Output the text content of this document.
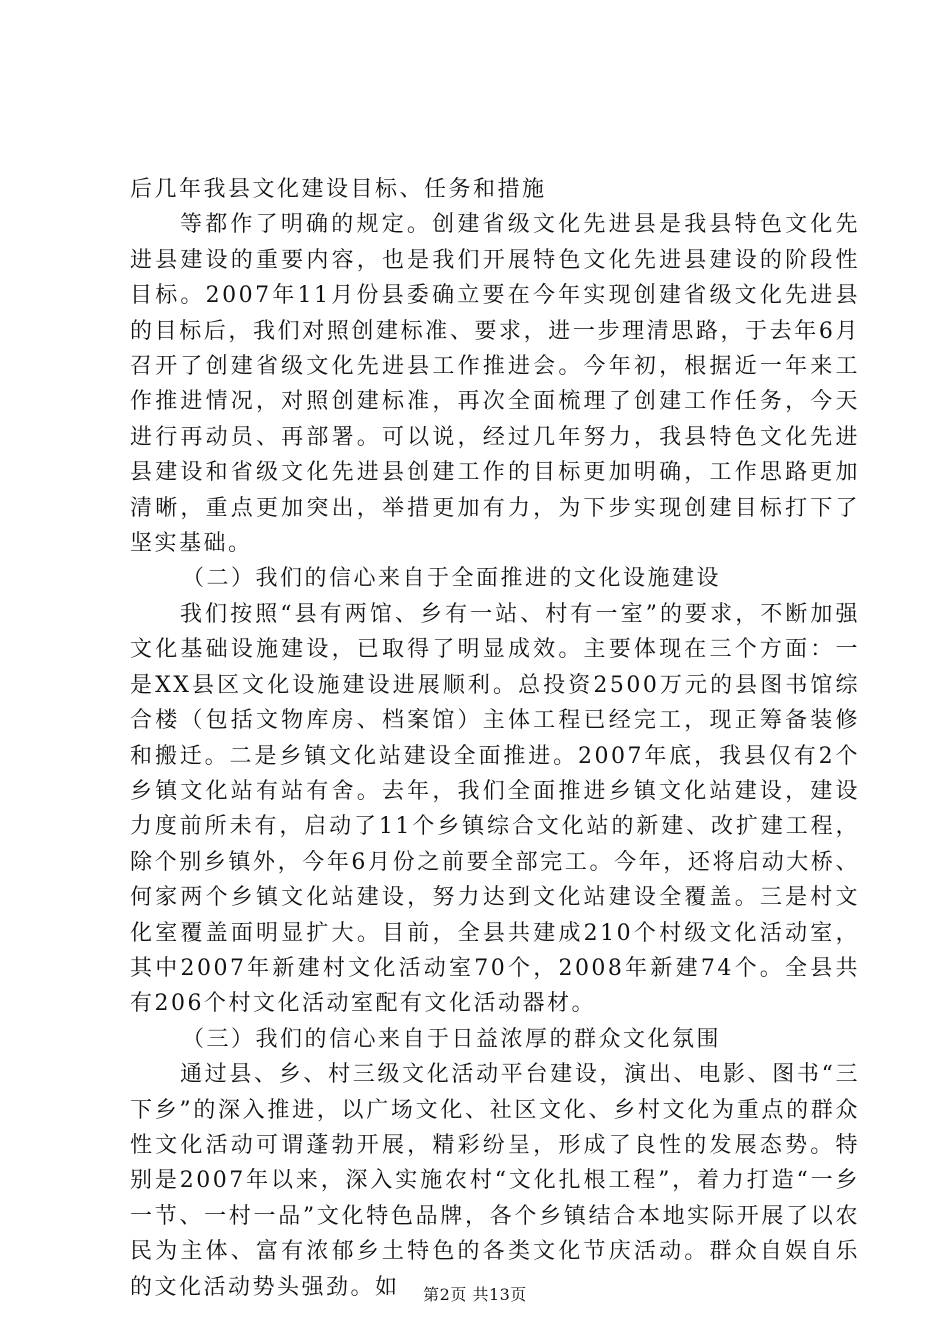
后几年我县文化建设目标、任务和措施

等都作了明确的规定。创建省级文化先进县是我县特色文化先进县建设的重要内容，也是我们开展特色文化先进县建设的阶段性目标。2007年11月份县委确立要在今年实现创建省级文化先进县的目标后，我们对照创建标准、要求，进一步理清思路，于去年6月召开了创建省级文化先进县工作推进会。今年初，根据近一年来工作推进情况，对照创建标准，再次全面梳理了创建工作任务，今天进行再动员、再部署。可以说，经过几年努力，我县特色文化先进县建设和省级文化先进县创建工作的目标更加明确，工作思路更加清晰，重点更加突出，举措更加有力，为下步实现创建目标打下了坚实基础。

（二）我们的信心来自于全面推进的文化设施建设

我们按照“县有两馆、乡有一站、村有一室”的要求，不断加强文化基础设施建设，已取得了明显成效。主要体现在三个方面：一是XX县区文化设施建设进展顺利。总投资2500万元的县图书馆综合楼（包括文物库房、档案馆）主体工程已经完工，现正筹备装修和搬迁。二是乡镇文化站建设全面推进。2007年底，我县仅有2个乡镇文化站有站有舍。去年，我们全面推进乡镇文化站建设，建设力度前所未有，启动了11个乡镇综合文化站的新建、改扩建工程，除个别乡镇外，今年6月份之前要全部完工。今年，还将启动大桥、何家两个乡镇文化站建设，努力达到文化站建设全覆盖。三是村文化室覆盖面明显扩大。目前，全县共建成210个村级文化活动室，其中2007年新建村文化活动室70个，2008年新建74个。全县共有206个村文化活动室配有文化活动器材。

（三）我们的信心来自于日益浓厚的群众文化氛围

通过县、乡、村三级文化活动平台建设，演出、电影、图书“三下乡”的深入推进，以广场文化、社区文化、乡村文化为重点的群众性文化活动可谓蓬勃开展，精彩纷呈，形成了良性的发展态势。特别是2007年以来，深入实施农村“文化扎根工程”，着力打造“一乡一节、一村一品”文化特色品牌，各个乡镇结合本地实际开展了以农民为主体、富有浓郁乡土特色的各类文化节庆活动。群众自娱自乐的文化活动势头强劲。如	第2页 共13页
